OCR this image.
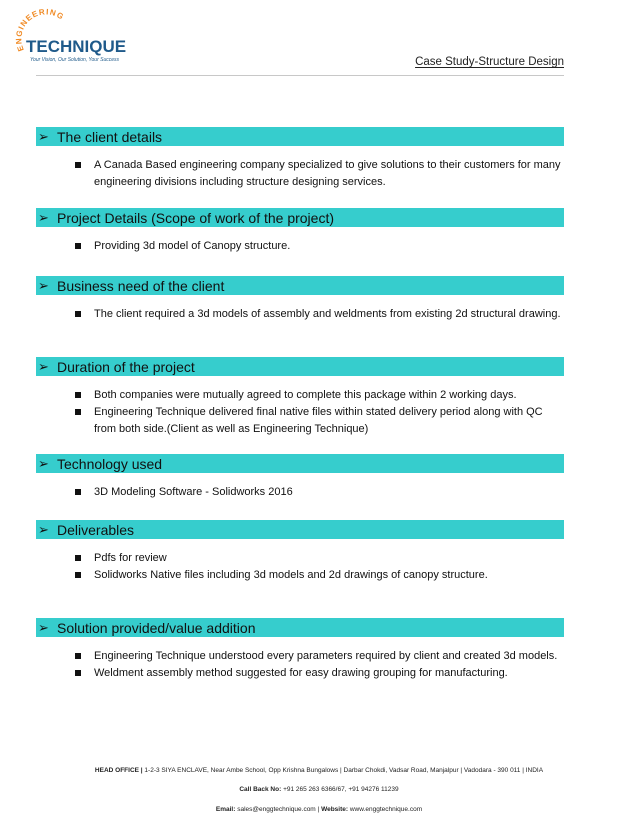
ENGINEERING
TECHNIQUE
Your Vision, Our Solution, Your Success	Case Study-Structure Design
➢ The client details
A Canada Based engineering company specialized to give solutions to their customers for many engineering divisions including structure designing services.
➢ Project Details (Scope of work of the project)
Providing 3d model of Canopy structure.
➢ Business need of the client
The client required a 3d models of assembly and weldments from existing 2d structural drawing.
➢ Duration of the project
Both companies were mutually agreed to complete this package within 2 working days.
Engineering Technique delivered final native files within stated delivery period along with QC from both side.(Client as well as Engineering Technique)
➢ Technology used
3D Modeling Software - Solidworks 2016
➢ Deliverables
Pdfs for review
Solidworks Native files including 3d models and 2d drawings of canopy structure.
➢ Solution provided/value addition
Engineering Technique understood every parameters required by client and created 3d models.
Weldment assembly method suggested for easy drawing grouping for manufacturing.
HEAD OFFICE | 1-2-3 SIYA ENCLAVE, Near Ambe School, Opp Krishna Bungalows | Darbar Chokdi, Vadsar Road, Manjalpur | Vadodara - 390 011 | INDIA
Call Back No: +91 265 263 6366/67, +91 94276 11239
Email: sales@enggtechnique.com | Website: www.enggtechnique.com
